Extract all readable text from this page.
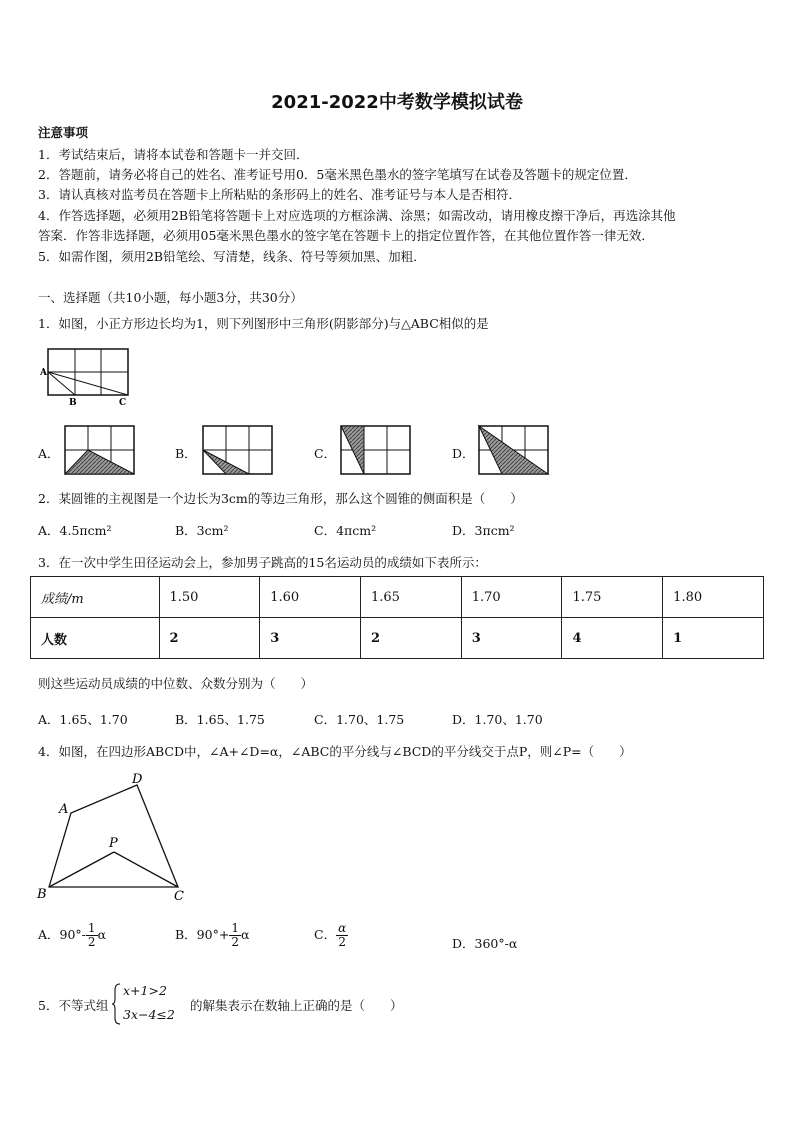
2021-2022中考数学模拟试卷
注意事项
1．考试结束后，请将本试卷和答题卡一并交回．
2．答题前，请务必将自己的姓名、准考证号用0．5毫米黑色墨水的签字笔填写在试卷及答题卡的规定位置．
3．请认真核对监考员在答题卡上所粘贴的条形码上的姓名、准考证号与本人是否相符．
4．作答选择题，必须用2B铅笔将答题卡上对应选项的方框涂满、涂黑；如需改动，请用橡皮擦干净后，再选涂其他
答案．作答非选择题，必须用05毫米黑色墨水的签字笔在答题卡上的指定位置作答，在其他位置作答一律无效．
5．如需作图，须用2B铅笔绘、写清楚，线条、符号等须加黑、加粗．
一、选择题（共10小题，每小题3分，共30分）
1．如图，小正方形边长均为1，则下列图形中三角形(阴影部分)与△ABC相似的是
A
B	C
A．	B．	C．	D．
2．某圆锥的主视图是一个边长为3cm的等边三角形，那么这个圆锥的侧面积是（　　）
A．4.5πcm²	B．3cm²	C．4πcm²	D．3πcm²
3．在一次中学生田径运动会上，参加男子跳高的15名运动员的成绩如下表所示：
成绩/m	1.50	1.60	1.65	1.70	1.75	1.80
人数	2	3	2	3	4	1
则这些运动员成绩的中位数、众数分别为（　　）
A．1.65、1.70	B．1.65、1.75	C．1.70、1.75	D．1.70、1.70
4．如图，在四边形ABCD中，∠A+∠D=α，∠ABC的平分线与∠BCD的平分线交于点P，则∠P=（　　）
A
B	C
D
P
A．$90^\circ- \frac{1}{2}$ α	B．$90^\circ+ \frac{1}{2}$ α	C． $\frac{\alpha}{2}$	D．360°-α
5．不等式组
x+1>2
3x−4≤2
的解集表示在数轴上正确的是（　　）
